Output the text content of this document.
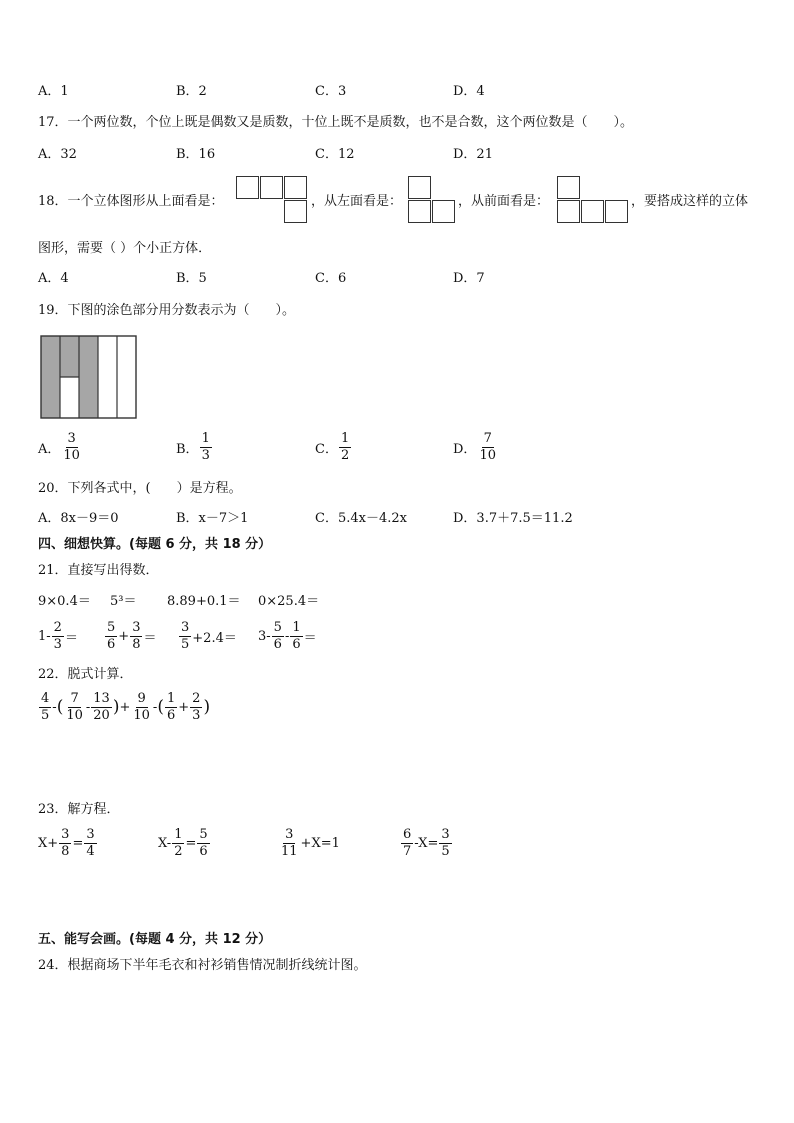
A．1	B．2	C．3	D．4
17．一个两位数，个位上既是偶数又是质数，十位上既不是质数，也不是合数，这个两位数是（　　）。
A．32	B．16	C．12	D．21
18．一个立体图形从上面看是：	，从左面看是：	，从前面看是：	，要搭成这样的立体
图形，需要（ ）个小正方体．
A．4	B．5	C．6	D．7
19．下图的涂色部分用分数表示为（　　）。
A． $\frac{3}{10}$	B． $\frac{1}{3}$	C． $\frac{1}{2}$	D． $\frac{7}{10}$
20．下列各式中，(　　）是方程。
A．8x－9＝0	B．x－7＞1	C．5.4x－4.2x	D．3.7＋7.5＝11.2
四、细想快算。(每题 6 分，共 18 分）
21．直接写出得数．
9×0.4＝ 5³＝ 8.89+0.1＝ 0×25.4＝
$1- \frac{2}{3} = \frac{5}{6} + \frac{3}{8} = \frac{3}{5} +2.4= 3- \frac{5}{6} - \frac{1}{6}$ ＝
22．脱式计算．
$\frac{4}{5}$ - ( $\frac{7}{10} - \frac{13}{20}$ ) + $\frac{9}{10}$ - ( $\frac{1}{6} + \frac{2}{3}$ )
23．解方程．
$X+ \frac{3}{8} = \frac{3}{4}$	$X- \frac{1}{2} = \frac{5}{6}$	$\frac{3}{11} +X=1$	$\frac{6}{7} -X= \frac{3}{5}$
五、能写会画。(每题 4 分，共 12 分）
24．根据商场下半年毛衣和衬衫销售情况制折线统计图。
